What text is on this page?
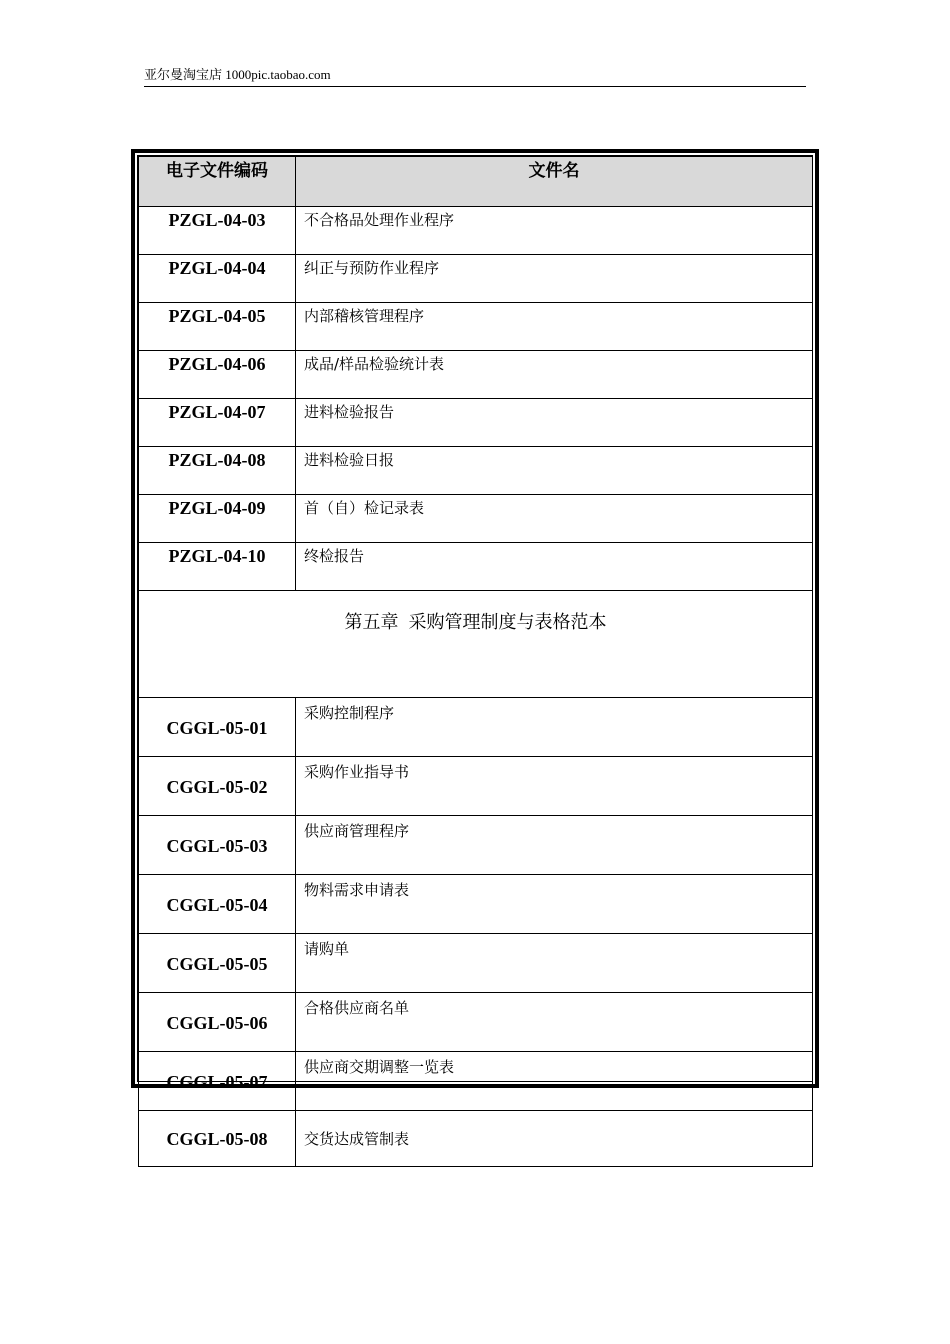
亚尔曼淘宝店 1000pic.taobao.com
电子文件编码	文件名
PZGL-04-03	不合格品处理作业程序
PZGL-04-04	纠正与预防作业程序
PZGL-04-05	内部稽核管理程序
PZGL-04-06	成品/样品检验统计表
PZGL-04-07	进料检验报告
PZGL-04-08	进料检验日报
PZGL-04-09	首（自）检记录表
PZGL-04-10	终检报告
第五章 采购管理制度与表格范本	
CGGL-05-01	采购控制程序
CGGL-05-02	采购作业指导书
CGGL-05-03	供应商管理程序
CGGL-05-04	物料需求申请表
CGGL-05-05	请购单
CGGL-05-06	合格供应商名单
CGGL-05-07	供应商交期调整一览表
CGGL-05-08	交货达成管制表
